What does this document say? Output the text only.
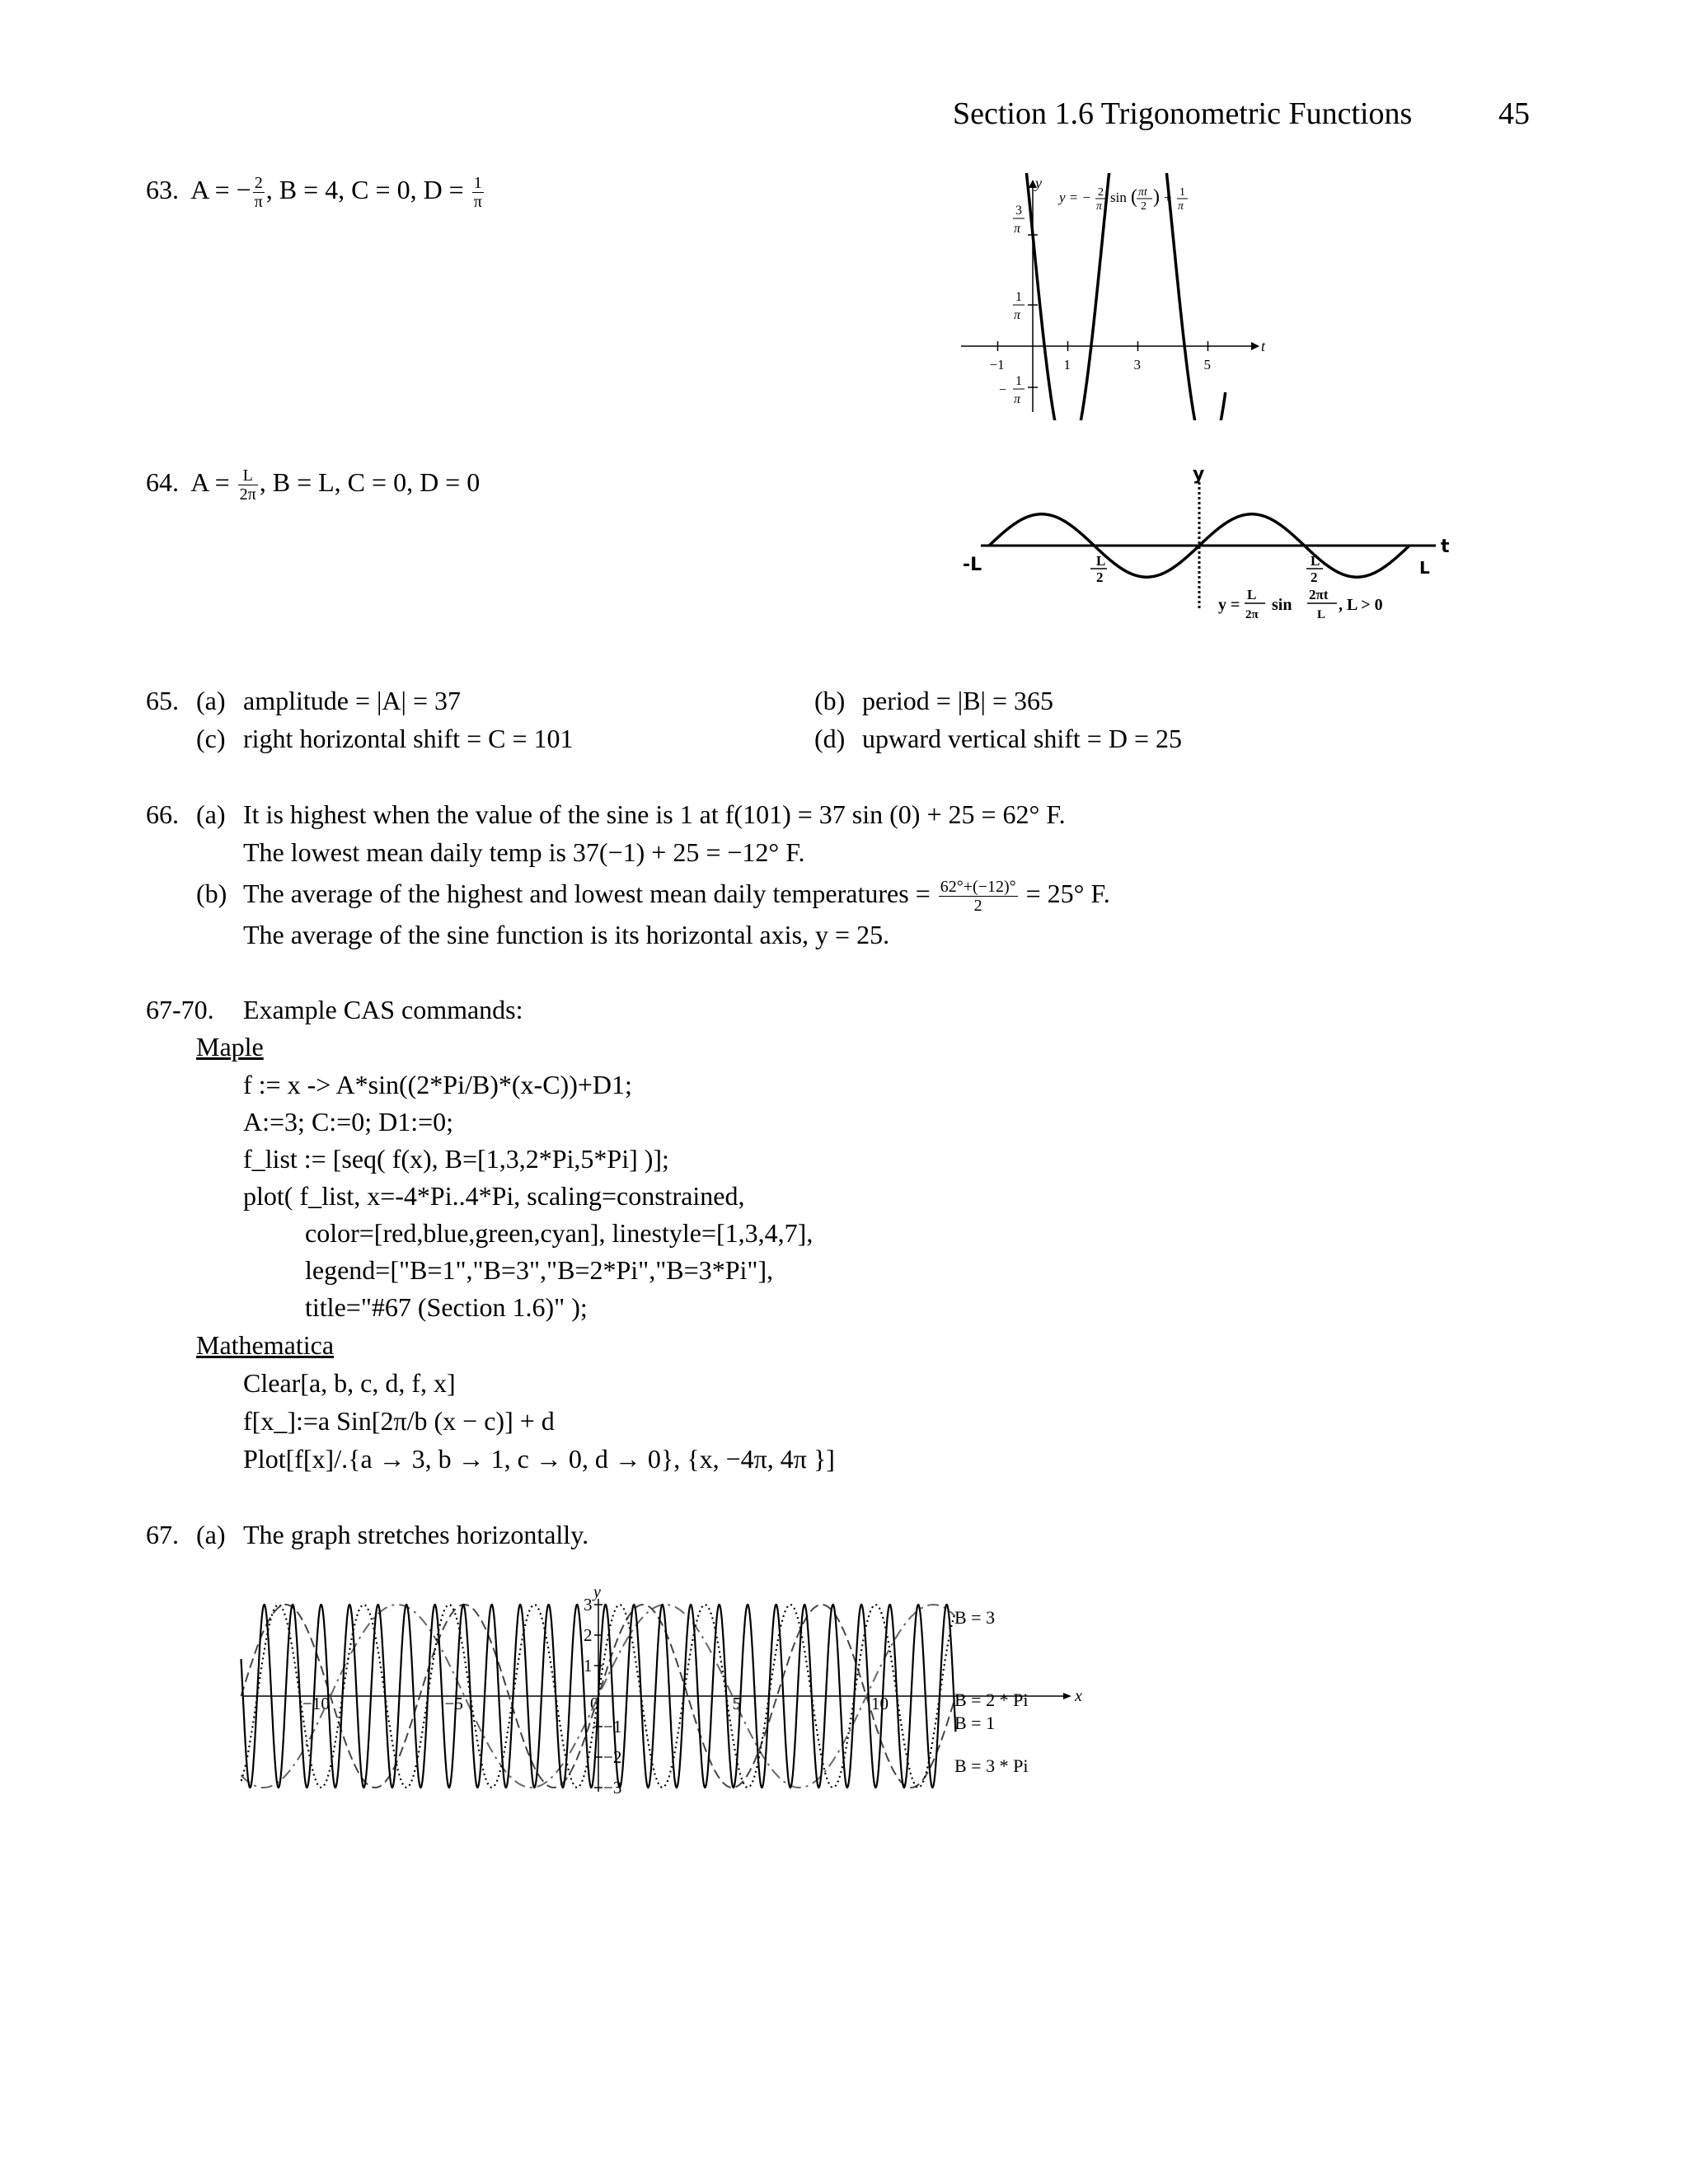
Section 1.6 Trigonometric Functions	45
63. A = − $\frac{2}{\pi}$ , B = 4, C = 0, $D = \frac{1}{\pi}$	y
t
−1	1	3	5
3
π
1
π
−
1
π
y = − 2
π
sin ( πt
2 ) + 1
π
64. $A = \frac{L}{2\pi}$ , B = L, C = 0, D = 0	y
t
-L	L
2
L
2	L
y =
L
2π
sin
2πt
L
, L > 0
65. (a) amplitude = |A| = 37	(b) period = |B| = 365
(c) right horizontal shift = C = 101	(d) upward vertical shift = D = 25
66. (a) It is highest when the value of the sine is 1 at f(101) = 37 sin (0) + 25 = 62° F.
The lowest mean daily temp is 37(−1) + 25 = −12° F.
(b) The average of the highest and lowest mean daily temperatures = $\frac{62^\circ+(-12)^\circ}{2} = 25^\circ$ F.
The average of the sine function is its horizontal axis, y = 25.
67-70. Example CAS commands:
Maple
f := x -> A*sin((2*Pi/B)*(x-C))+D1;
A:=3; C:=0; D1:=0;
f_list := [seq( f(x), B=[1,3,2*Pi,5*Pi] )];
plot( f_list, x=-4*Pi..4*Pi, scaling=constrained,
color=[red,blue,green,cyan], linestyle=[1,3,4,7],
legend=["B=1","B=3","B=2*Pi","B=3*Pi"],
title="#67 (Section 1.6)" );
Mathematica
Clear[a, b, c, d, f, x]
f[x_]:=a Sin[2π/b (x − c)] + d
Plot[f[x]/.{a → 3, b → 1, c → 0, d → 0}, {x, −4π, 4π }]
67. (a) The graph stretches horizontally.
x
y
−10	−5	0	5	10
3
2
1
−1
−2
−3
B = 3
B = 2 * Pi
B = 1
B = 3 * Pi
